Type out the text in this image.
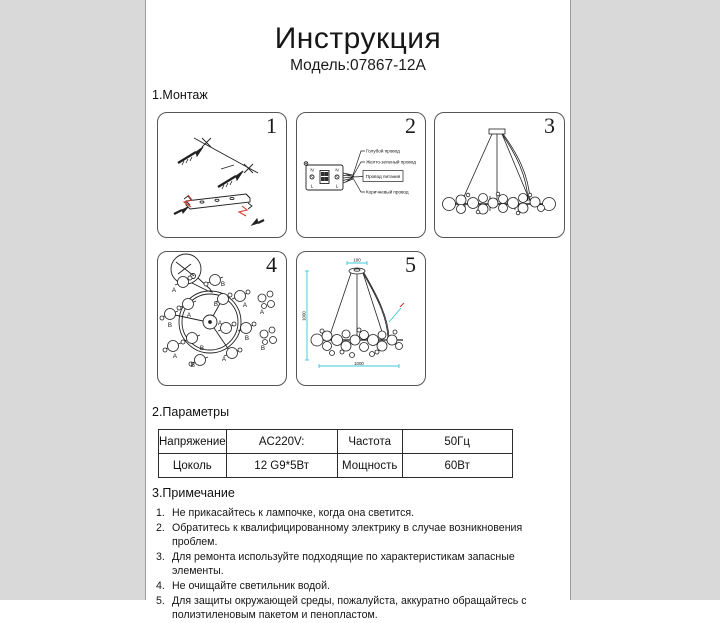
Инструкция
Модель:07867-12A
1.Монтаж
1
N
L
N
L
Голубой провод
Желто-зеленый провод
Провод питания
Коричневый провод
2	3
A
B
B	A
A
B	A
B
B
A	A
B
A
B
4	100
1000
1000
5
2.Параметры
Напряжение	AC220V:	Частота	50Гц
Цоколь	12 G9*5Вт	Мощность	60Вт
3.Примечание
1. Не прикасайтесь к лампочке, когда она светится.
2. Обратитесь к квалифицированному электрику в случае возникновения проблем.
3. Для ремонта используйте подходящие по характеристикам запасные элементы.
4. Не очищайте светильник водой.
5. Для защиты окружающей среды, пожалуйста, аккуратно обращайтесь с полиэтиленовым пакетом и пенопластом.
